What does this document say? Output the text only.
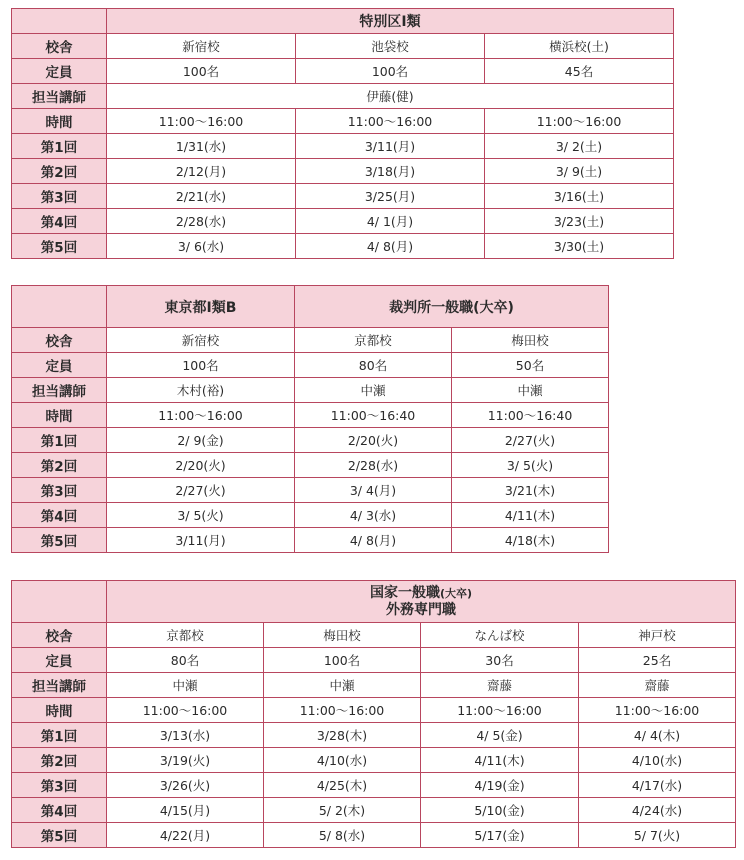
	特別区Ⅰ類		
校舎	新宿校	池袋校	横浜校(土)
定員	100名	100名	45名
担当講師	伊藤(健)		
時間	11:00〜16:00	11:00〜16:00	11:00〜16:00
第1回	1/31(水)	3/11(月)	3/ 2(土)
第2回	2/12(月)	3/18(月)	3/ 9(土)
第3回	2/21(水)	3/25(月)	3/16(土)
第4回	2/28(水)	4/ 1(月)	3/23(土)
第5回	3/ 6(水)	4/ 8(月)	3/30(土)
	東京都Ⅰ類B	裁判所一般職(大卒)	
校舎	新宿校	京都校	梅田校
定員	100名	80名	50名
担当講師	木村(裕)	中瀬	中瀬
時間	11:00〜16:00	11:00〜16:40	11:00〜16:40
第1回	2/ 9(金)	2/20(火)	2/27(火)
第2回	2/20(火)	2/28(水)	3/ 5(火)
第3回	2/27(火)	3/ 4(月)	3/21(木)
第4回	3/ 5(火)	4/ 3(水)	4/11(木)
第5回	3/11(月)	4/ 8(月)	4/18(木)

	国家一般職(大卒)
外務専門職			

校舎	京都校	梅田校	なんば校	神戸校
定員	80名	100名	30名	25名
担当講師	中瀬	中瀬	齋藤	齋藤
時間	11:00〜16:00	11:00〜16:00	11:00〜16:00	11:00〜16:00
第1回	3/13(水)	3/28(木)	4/ 5(金)	4/ 4(木)
第2回	3/19(火)	4/10(水)	4/11(木)	4/10(水)
第3回	3/26(火)	4/25(木)	4/19(金)	4/17(水)
第4回	4/15(月)	5/ 2(木)	5/10(金)	4/24(水)
第5回	4/22(月)	5/ 8(水)	5/17(金)	5/ 7(火)
